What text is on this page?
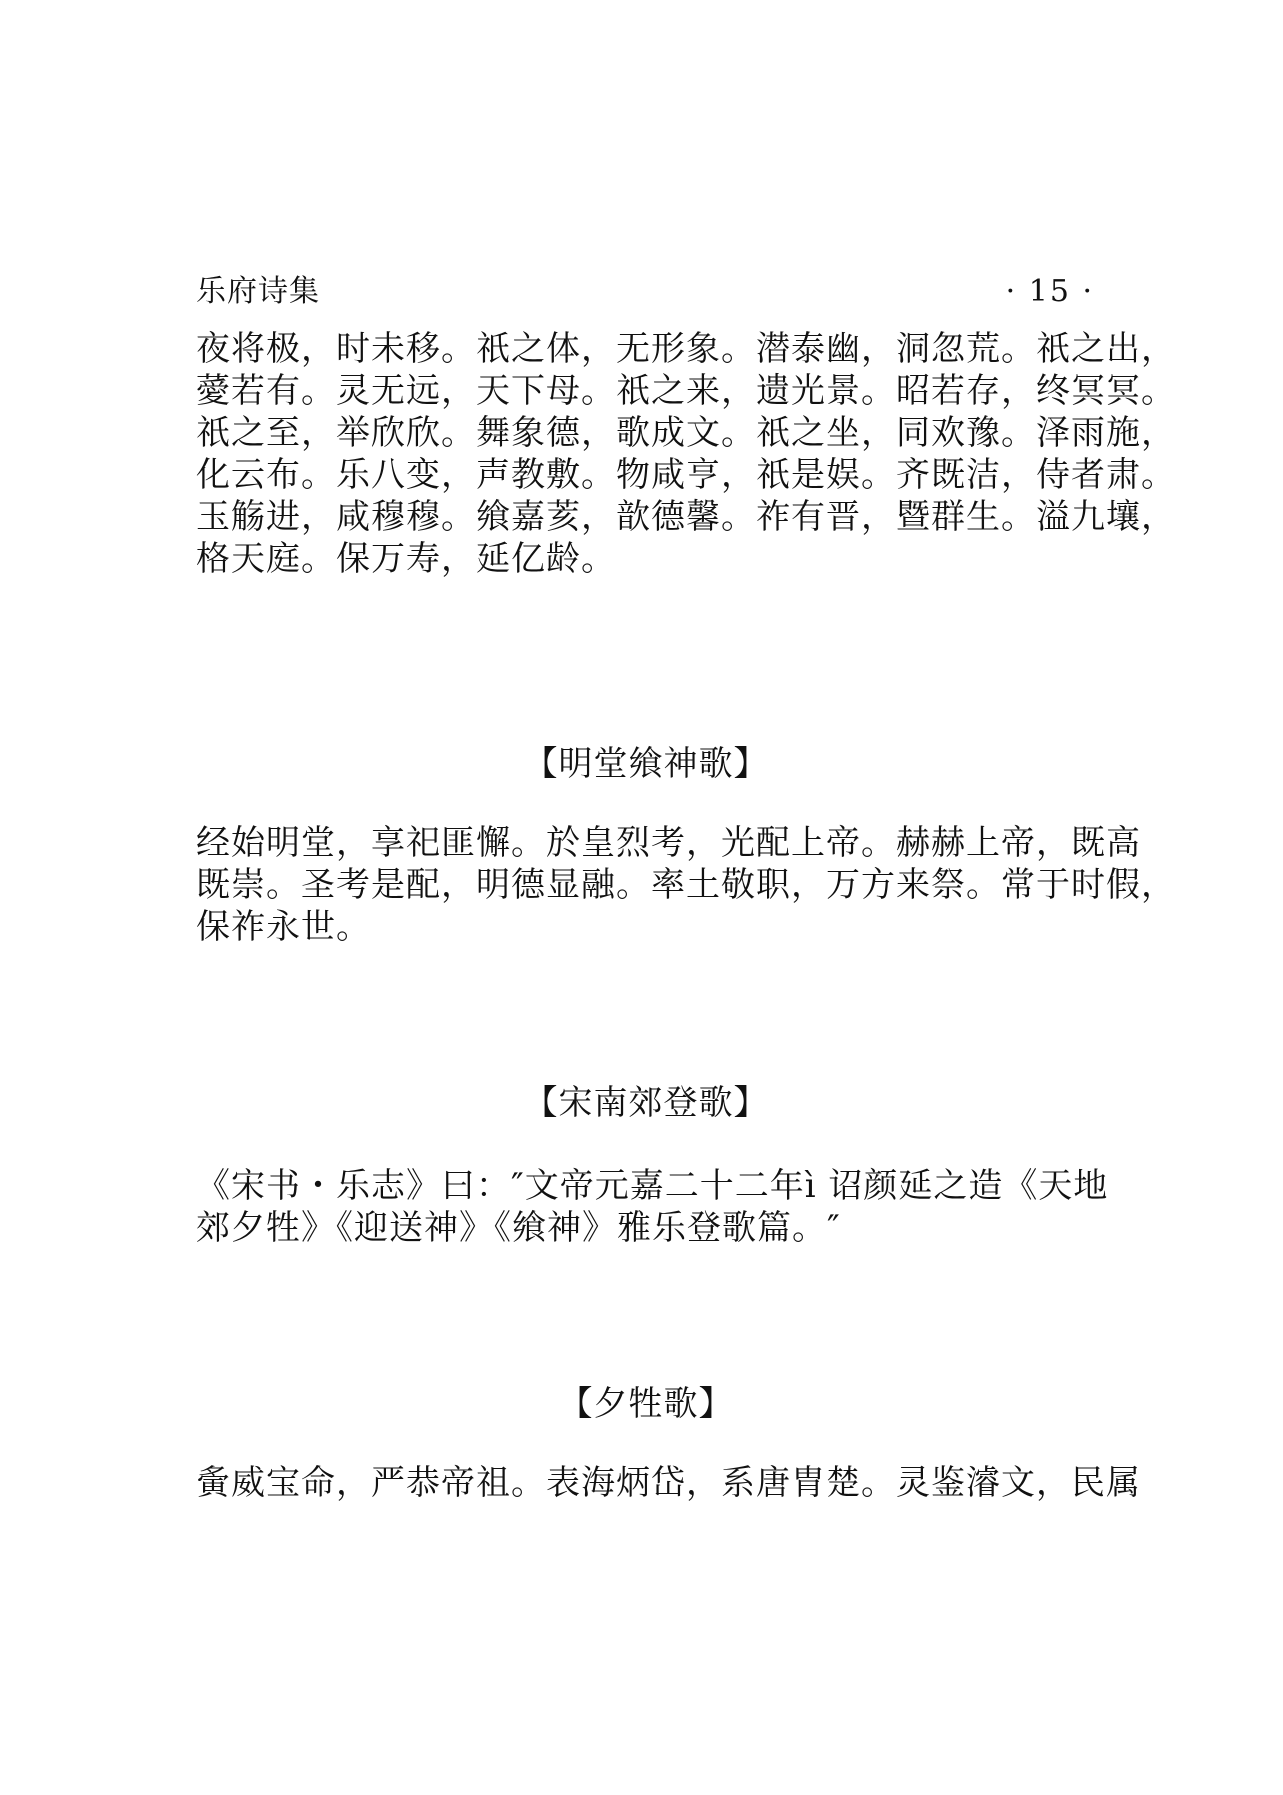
乐府诗集	· 15 ·
夜将极，时未移。祇之体，无形象。潜泰幽，洞忽荒。祇之出，
薆若有。灵无远，天下母。祇之来，遗光景。昭若存，终冥冥。
祇之至，举欣欣。舞象德，歌成文。祇之坐，同欢豫。泽雨施，
化云布。乐八变，声教敷。物咸亨，祇是娱。齐既洁，侍者肃。
玉觞进，咸穆穆。飨嘉荄，歆德馨。祚有晋，暨群生。溢九壤，
格天庭。保万寿，延亿龄。
【明堂飨神歌】
经始明堂，享祀匪懈。於皇烈考，光配上帝。赫赫上帝，既高
既崇。圣考是配，明德显融。率土敬职，万方来祭。常于时假，
保祚永世。
【宋南郊登歌】
《宋书・乐志》曰：″文帝元嘉二十二年ì 诏颜延之造《天地
郊夕牲》《迎送神》《飨神》雅乐登歌篇。″
【夕牲歌】
夤威宝命，严恭帝祖。表海炳岱，系唐胄楚。灵鉴濬文，民属
